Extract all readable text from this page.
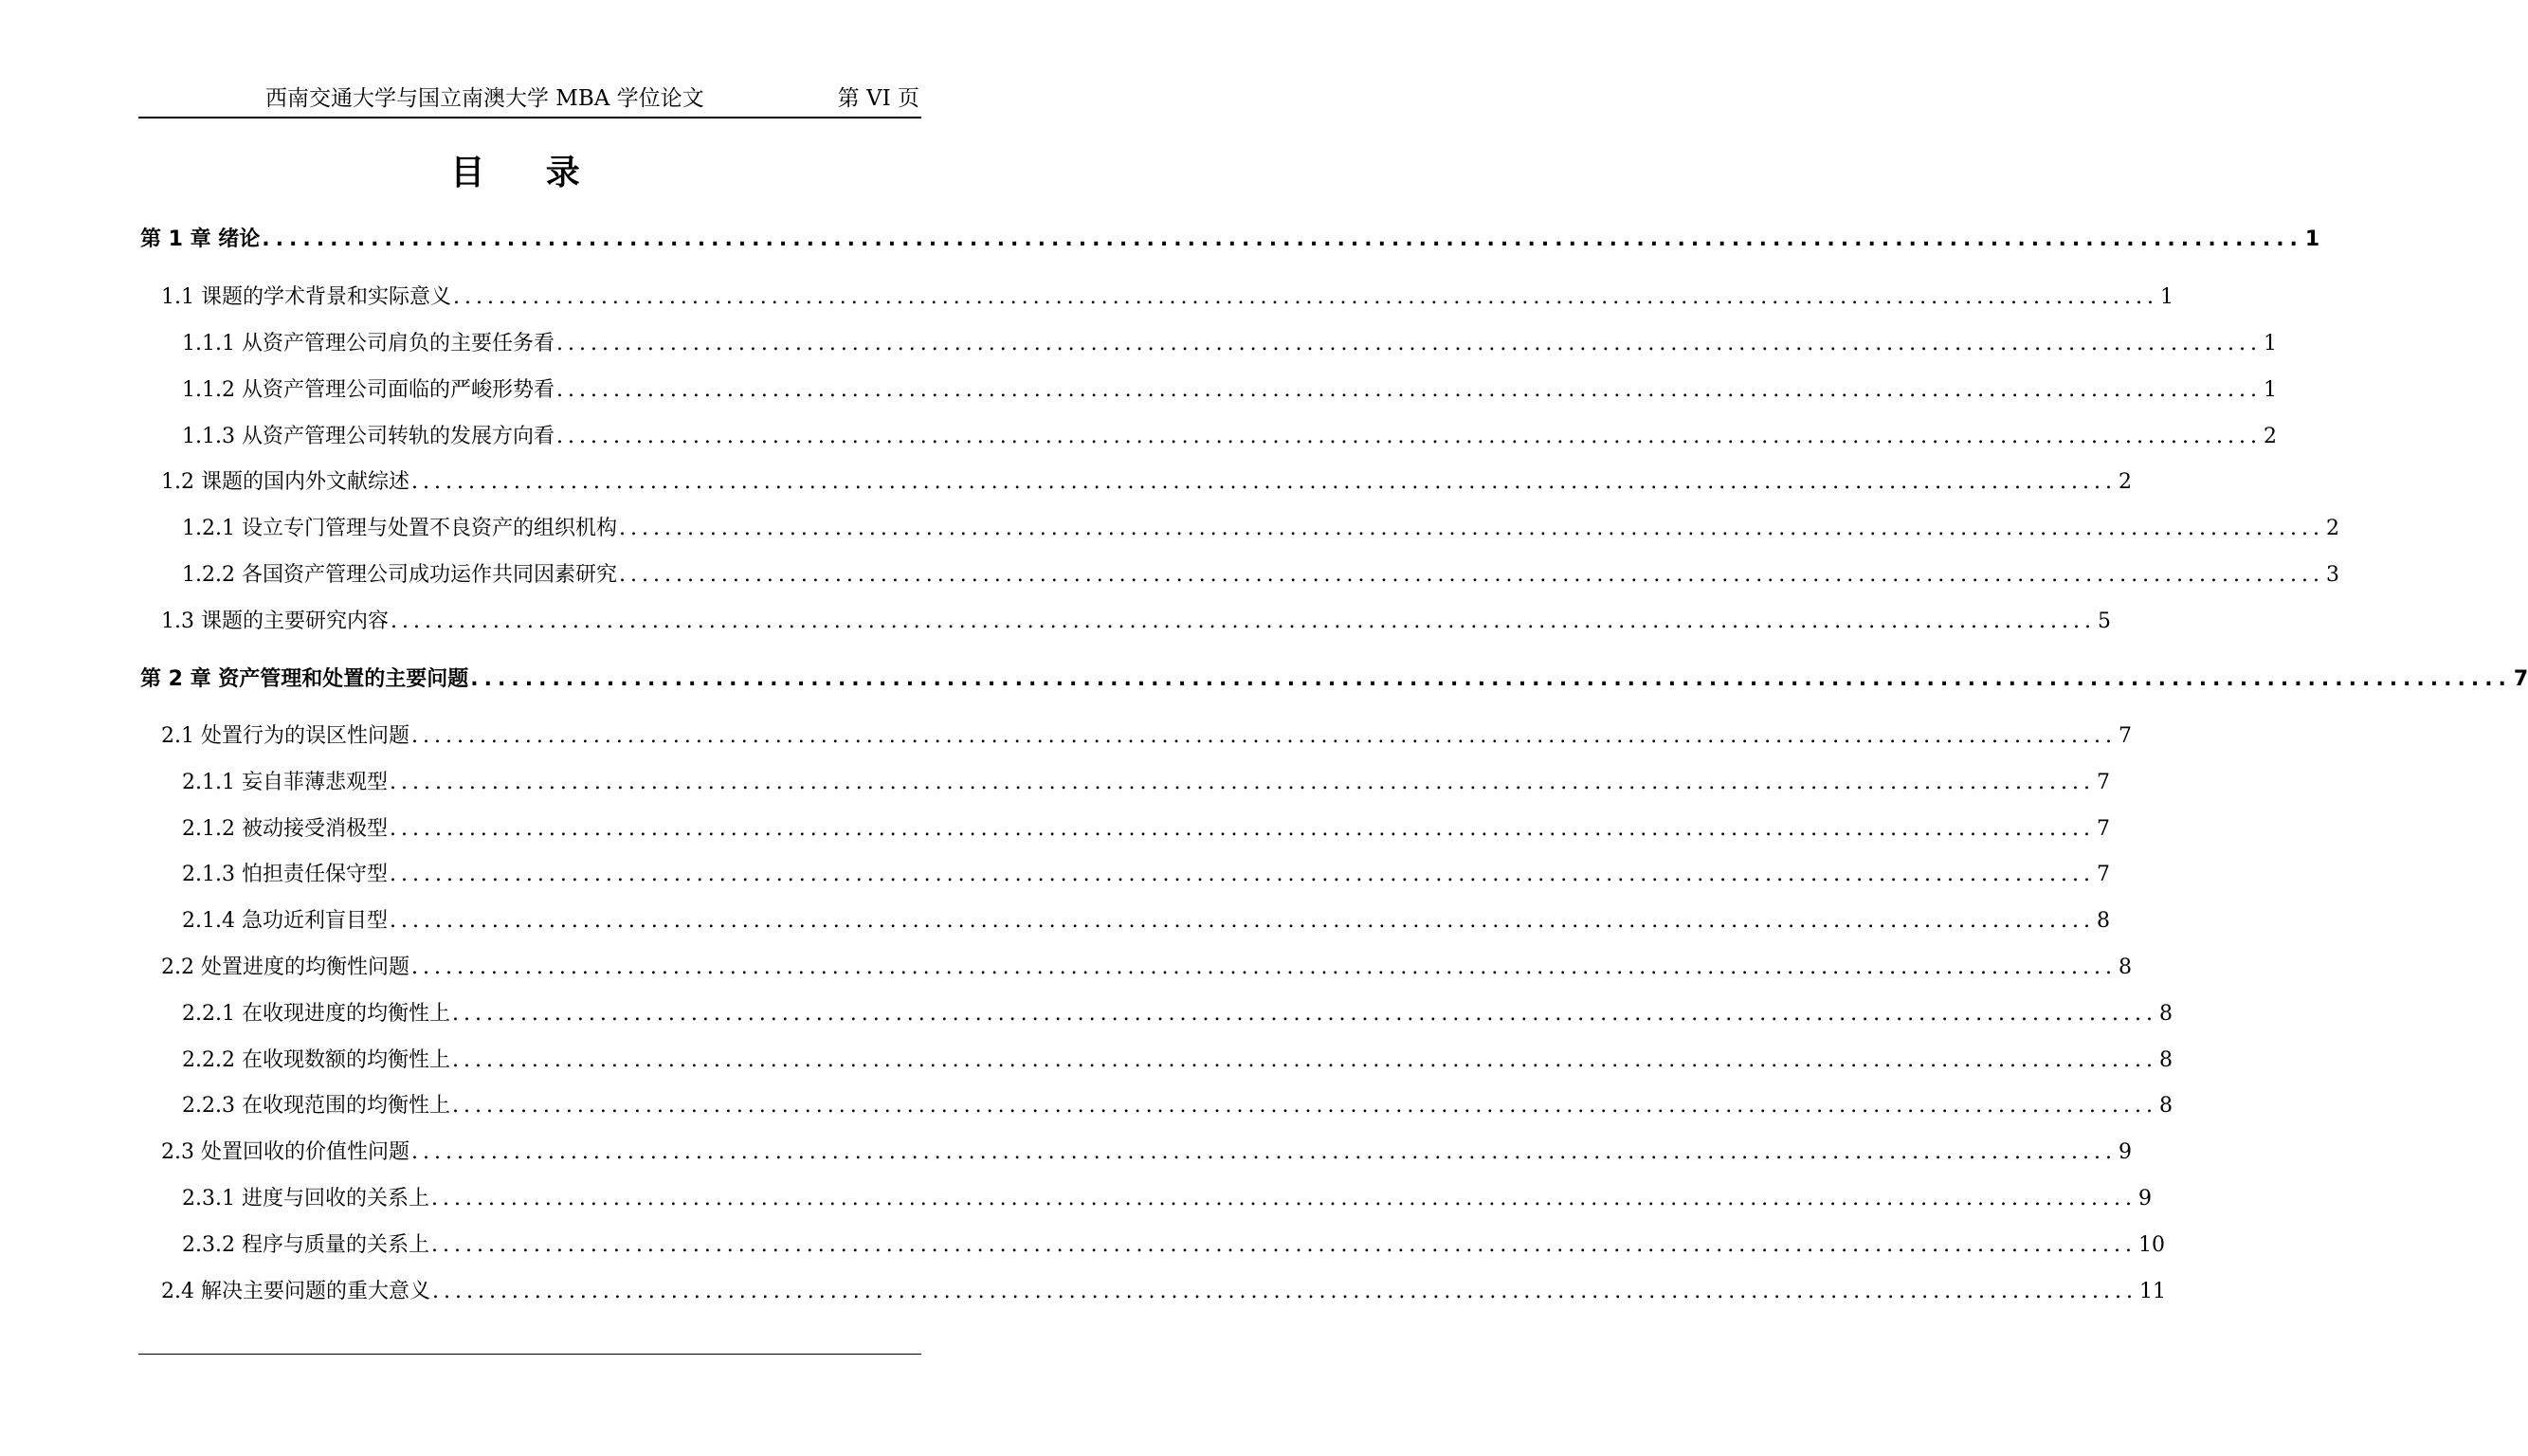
西南交通大学与国立南澳大学 MBA 学位论文	第 VI 页
目 录
第 1 章 绪论 ...................................................................................................................................................... 1
1.1 课题的学术背景和实际意义 ...................................................................................................................................................... 1
1.1.1 从资产管理公司肩负的主要任务看 ...................................................................................................................................................... 1
1.1.2 从资产管理公司面临的严峻形势看 ...................................................................................................................................................... 1
1.1.3 从资产管理公司转轨的发展方向看 ...................................................................................................................................................... 2
1.2 课题的国内外文献综述 ...................................................................................................................................................... 2
1.2.1 设立专门管理与处置不良资产的组织机构 ...................................................................................................................................................... 2
1.2.2 各国资产管理公司成功运作共同因素研究 ...................................................................................................................................................... 3
1.3 课题的主要研究内容 ...................................................................................................................................................... 5
第 2 章 资产管理和处置的主要问题 ...................................................................................................................................................... 7
2.1 处置行为的误区性问题 ...................................................................................................................................................... 7
2.1.1 妄自菲薄悲观型 ...................................................................................................................................................... 7
2.1.2 被动接受消极型 ...................................................................................................................................................... 7
2.1.3 怕担责任保守型 ...................................................................................................................................................... 7
2.1.4 急功近利盲目型 ...................................................................................................................................................... 8
2.2 处置进度的均衡性问题 ...................................................................................................................................................... 8
2.2.1 在收现进度的均衡性上 ...................................................................................................................................................... 8
2.2.2 在收现数额的均衡性上 ...................................................................................................................................................... 8
2.2.3 在收现范围的均衡性上 ...................................................................................................................................................... 8
2.3 处置回收的价值性问题 ...................................................................................................................................................... 9
2.3.1 进度与回收的关系上 ...................................................................................................................................................... 9
2.3.2 程序与质量的关系上 ...................................................................................................................................................... 10
2.4 解决主要问题的重大意义 ...................................................................................................................................................... 11
